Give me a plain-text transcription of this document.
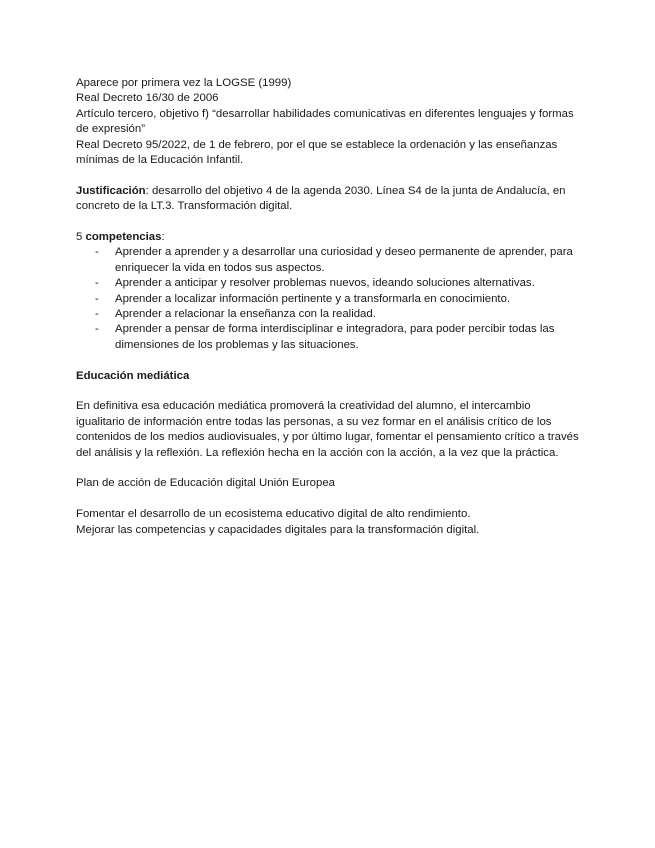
Aparece por primera vez la LOGSE (1999)

Real Decreto 16/30 de 2006

Artículo tercero, objetivo f) “desarrollar habilidades comunicativas en diferentes lenguajes y formas de expresión”

Real Decreto 95/2022, de 1 de febrero, por el que se establece la ordenación y las enseñanzas mínimas de la Educación Infantil.

Justificación: desarrollo del objetivo 4 de la agenda 2030. Línea S4 de la junta de Andalucía, en concreto de la LT.3. Transformación digital.

5 competencias:

- Aprender a aprender y a desarrollar una curiosidad y deseo permanente de aprender, para enriquecer la vida en todos sus aspectos.
- Aprender a anticipar y resolver problemas nuevos, ideando soluciones alternativas.
- Aprender a localizar información pertinente y a transformarla en conocimiento.
- Aprender a relacionar la enseñanza con la realidad.
- Aprender a pensar de forma interdisciplinar e integradora, para poder percibir todas las dimensiones de los problemas y las situaciones.

Educación mediática

En definitiva esa educación mediática promoverá la creatividad del alumno, el intercambio igualitario de información entre todas las personas, a su vez formar en el análisis crítico de los contenidos de los medios audiovisuales, y por último lugar, fomentar el pensamiento crítico a través del análisis y la reflexión. La reflexión hecha en la acción con la acción, a la vez que la práctica.

Plan de acción de Educación digital Unión Europea

Fomentar el desarrollo de un ecosistema educativo digital de alto rendimiento.

Mejorar las competencias y capacidades digitales para la transformación digital.
